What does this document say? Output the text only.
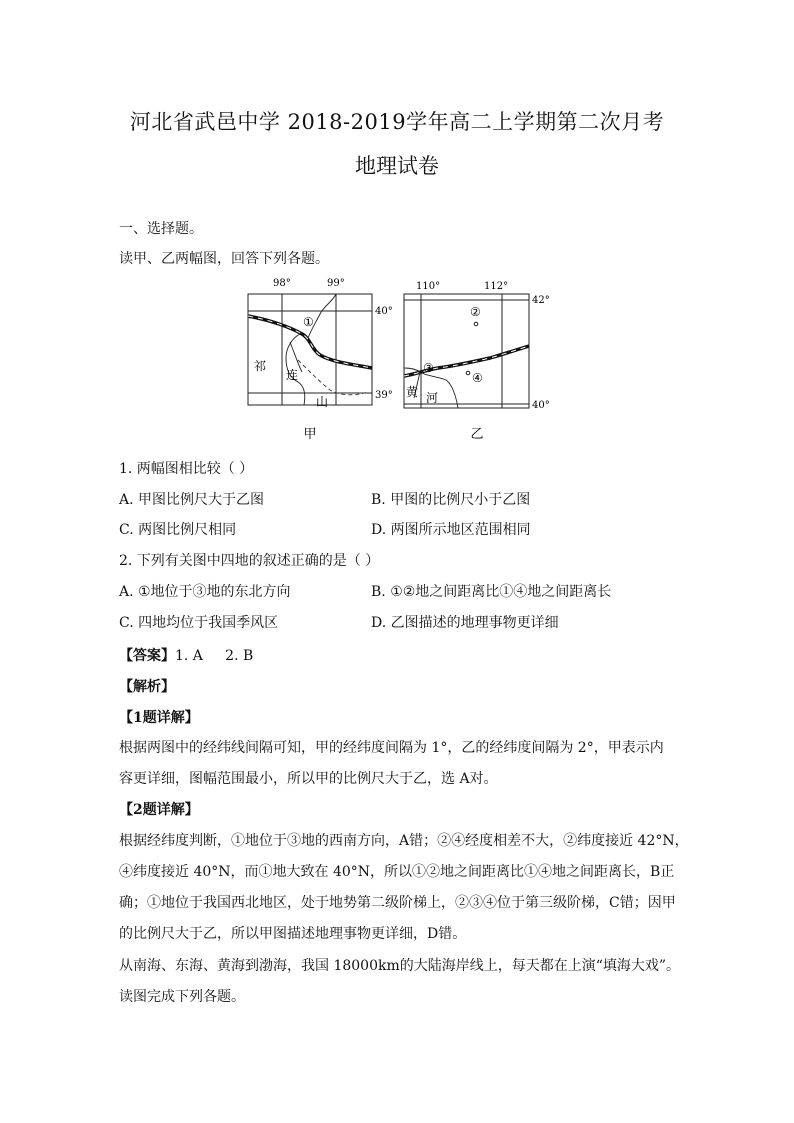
河北省武邑中学 2018-2019学年高二上学期第二次月考
地理试卷
一、选择题。
读甲、乙两幅图，回答下列各题。
98°	99°
40°
39°
①
祁
连
山
甲
110°	112°
42°
40°
②
③
④
黄 河
乙
1. 两幅图相比较（ ）
A. 甲图比例尺大于乙图	B. 甲图的比例尺小于乙图
C. 两图比例尺相同	D. 两图所示地区范围相同
2. 下列有关图中四地的叙述正确的是（ ）
A. ①地位于③地的东北方向	B. ①②地之间距离比①④地之间距离长
C. 四地均位于我国季风区	D. 乙图描述的地理事物更详细
【答案】1. A     2. B
【解析】
【1题详解】
根据两图中的经纬线间隔可知，甲的经纬度间隔为 1°，乙的经纬度间隔为 2°，甲表示内
容更详细，图幅范围最小，所以甲的比例尺大于乙，选 A对。
【2题详解】
根据经纬度判断，①地位于③地的西南方向，A错；②④经度相差不大，②纬度接近 42°N，
④纬度接近 40°N，而①地大致在 40°N，所以①②地之间距离比①④地之间距离长，B正
确；①地位于我国西北地区，处于地势第二级阶梯上，②③④位于第三级阶梯，C错；因甲
的比例尺大于乙，所以甲图描述地理事物更详细，D错。
从南海、东海、黄海到渤海，我国 18000km的大陆海岸线上，每天都在上演“填海大戏”。
读图完成下列各题。
